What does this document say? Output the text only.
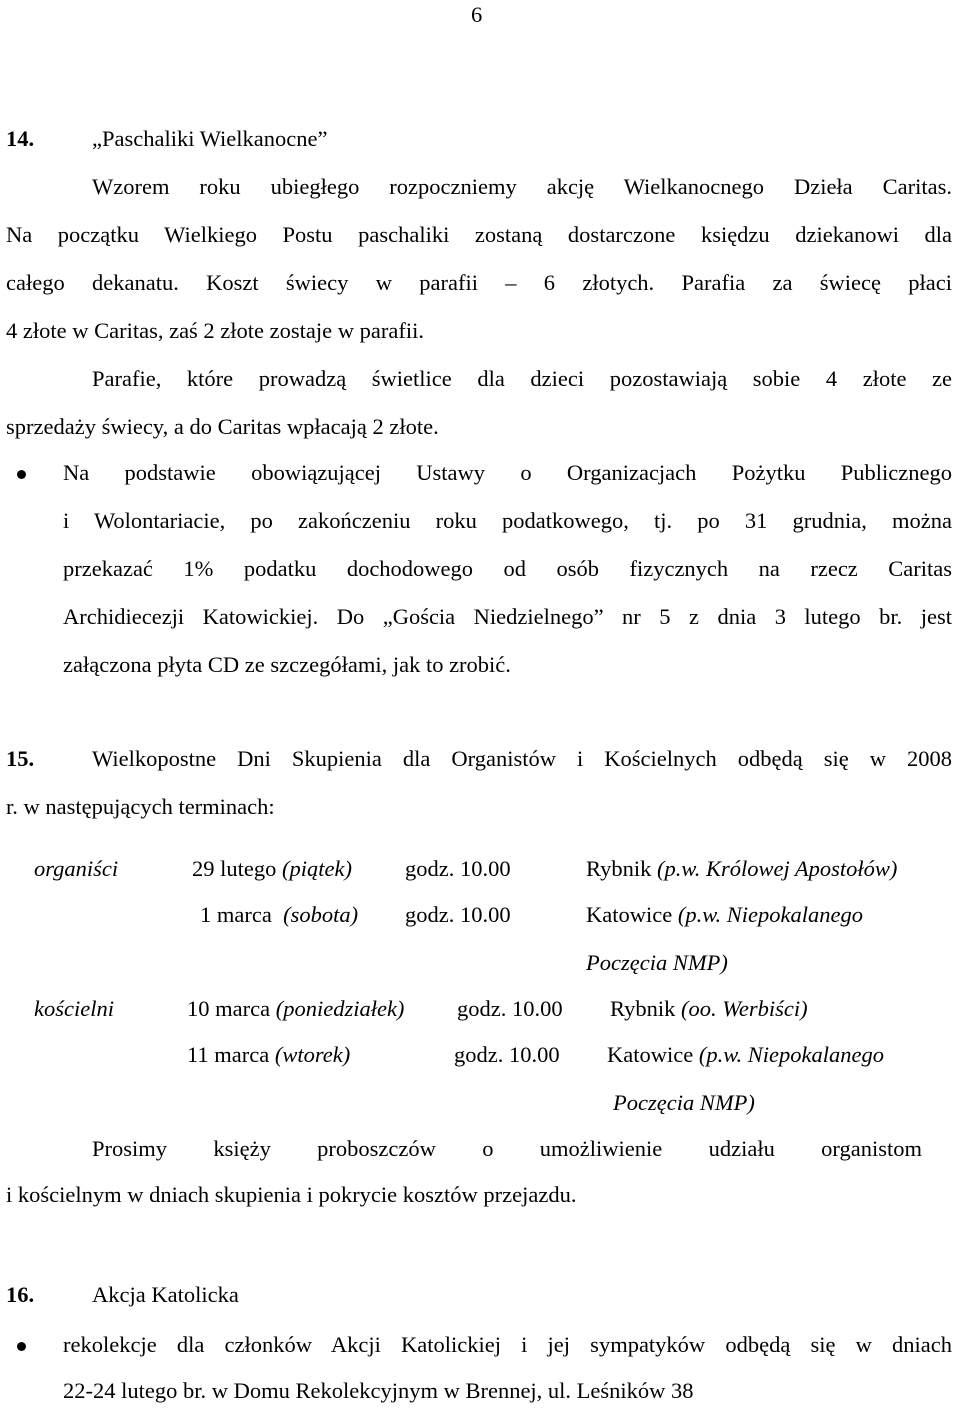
6
14.	„Paschaliki Wielkanocne”
Wzorem roku ubiegłego rozpoczniemy akcję Wielkanocnego Dzieła Caritas.
Na początku Wielkiego Postu paschaliki zostaną dostarczone księdzu dziekanowi dla
całego dekanatu. Koszt świecy w parafii – 6 złotych. Parafia za świecę płaci
4 złote w Caritas, zaś 2 złote zostaje w parafii.
Parafie, które prowadzą świetlice dla dzieci pozostawiają sobie 4 złote ze
sprzedaży świecy, a do Caritas wpłacają 2 złote.
Na podstawie obowiązującej Ustawy o Organizacjach Pożytku Publicznego
i Wolontariacie, po zakończeniu roku podatkowego, tj. po 31 grudnia, można
przekazać 1% podatku dochodowego od osób fizycznych na rzecz Caritas
Archidiecezji Katowickiej. Do „Gościa Niedzielnego” nr 5 z dnia 3 lutego br. jest
załączona płyta CD ze szczegółami, jak to zrobić.
15.	Wielkopostne Dni Skupienia dla Organistów i Kościelnych odbędą się w 2008
r. w następujących terminach:
organiści	29 lutego (piątek) godz. 10.00	Rybnik (p.w. Królowej Apostołów)
1 marca (sobota) godz. 10.00	Katowice (p.w. Niepokalanego
Poczęcia NMP)
kościelni	10 marca (poniedziałek) godz. 10.00 Rybnik (oo. Werbiści)
11 marca (wtorek)	godz. 10.00 Katowice (p.w. Niepokalanego
Poczęcia NMP)
Prosimy księży proboszczów o umożliwienie udziału organistom
i kościelnym w dniach skupienia i pokrycie kosztów przejazdu.
16.	Akcja Katolicka
rekolekcje dla członków Akcji Katolickiej i jej sympatyków odbędą się w dniach
22-24 lutego br. w Domu Rekolekcyjnym w Brennej, ul. Leśników 38
